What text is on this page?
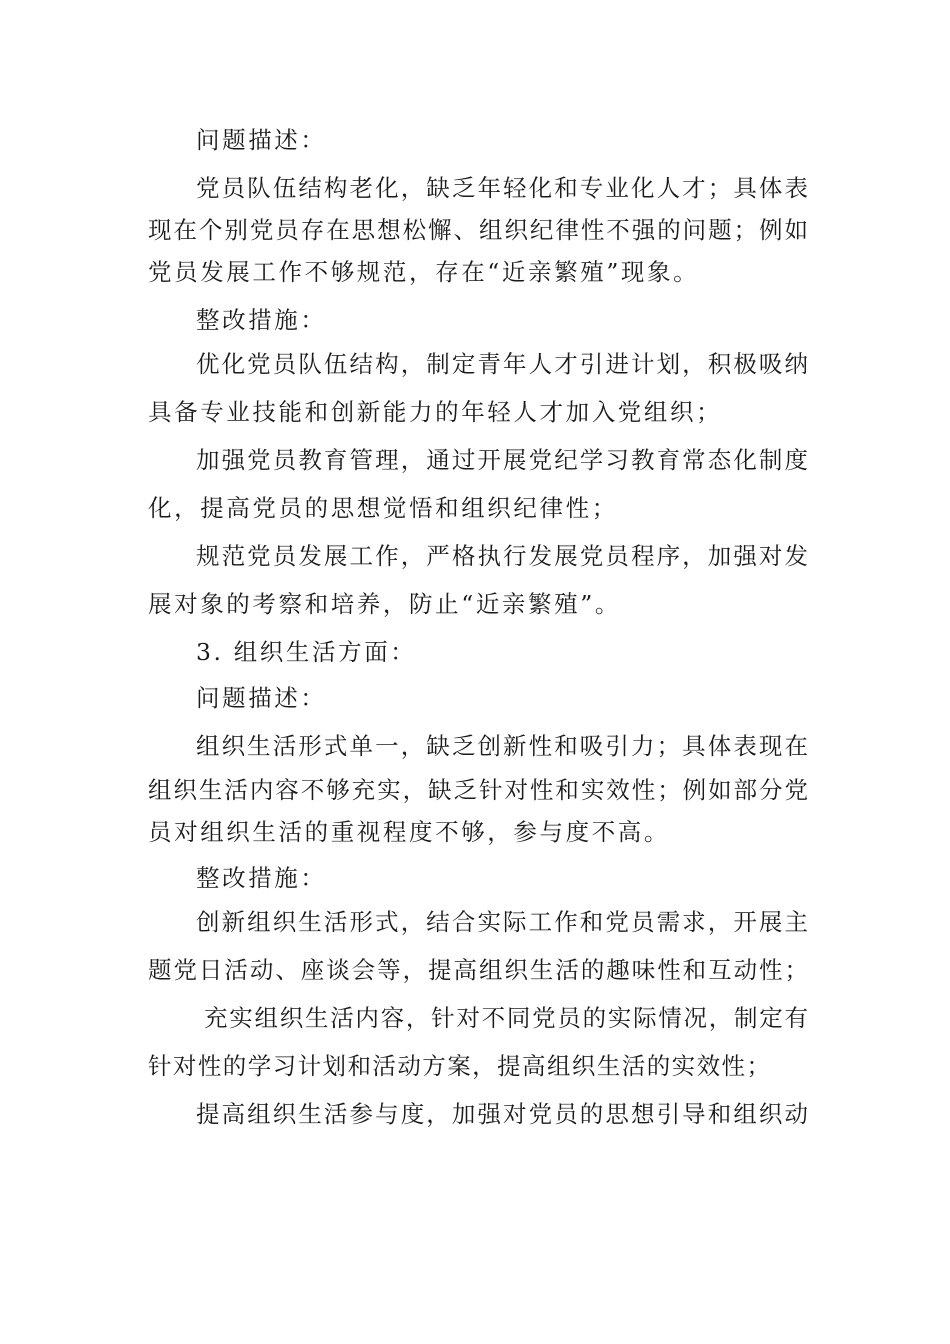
问题描述：
党员队伍结构老化，缺乏年轻化和专业化人才；具体表
现在个别党员存在思想松懈、组织纪律性不强的问题；例如
党员发展工作不够规范，存在“近亲繁殖”现象。
整改措施：
优化党员队伍结构，制定青年人才引进计划，积极吸纳
具备专业技能和创新能力的年轻人才加入党组织；
加强党员教育管理，通过开展党纪学习教育常态化制度
化，提高党员的思想觉悟和组织纪律性；
规范党员发展工作，严格执行发展党员程序，加强对发
展对象的考察和培养，防止“近亲繁殖”。
3. 组织生活方面：
问题描述：
组织生活形式单一，缺乏创新性和吸引力；具体表现在
组织生活内容不够充实，缺乏针对性和实效性；例如部分党
员对组织生活的重视程度不够，参与度不高。
整改措施：
创新组织生活形式，结合实际工作和党员需求，开展主
题党日活动、座谈会等，提高组织生活的趣味性和互动性；
充实组织生活内容，针对不同党员的实际情况，制定有
针对性的学习计划和活动方案，提高组织生活的实效性；
提高组织生活参与度，加强对党员的思想引导和组织动
